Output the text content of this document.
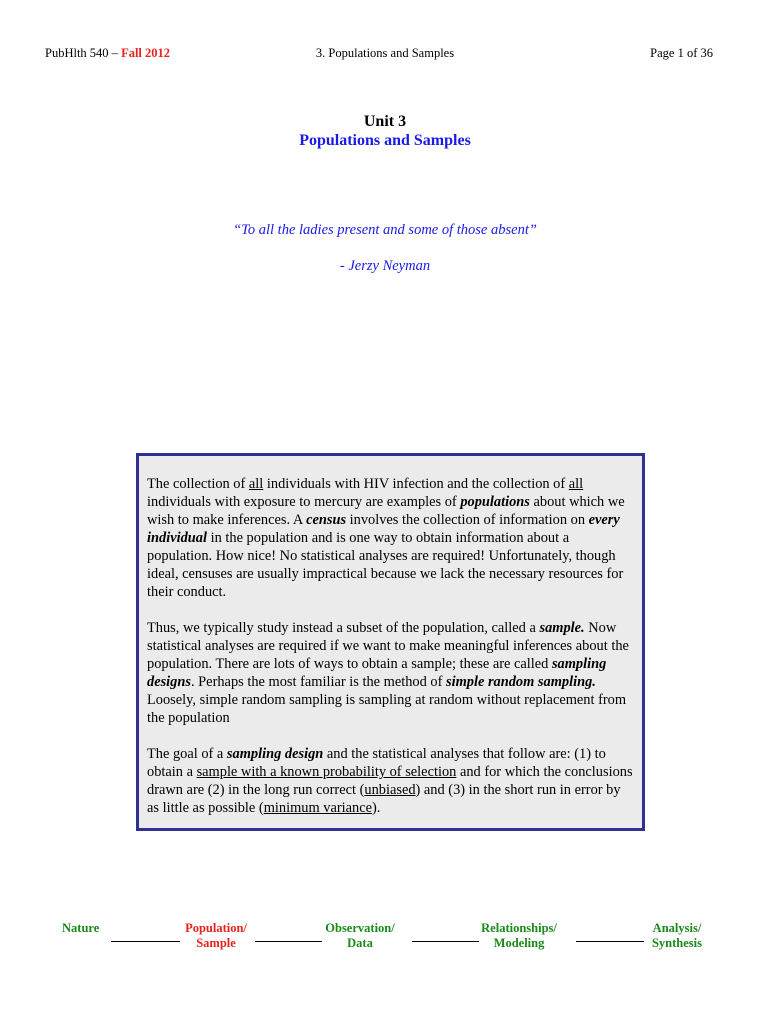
PubHlth 540 – Fall 2012	3. Populations and Samples	Page 1 of 36
Unit 3
Populations and Samples
“To all the ladies present and some of those absent”
- Jerzy Neyman

The collection of all individuals with HIV infection and the collection of all individuals with exposure to mercury are examples of populations about which we wish to make inferences. A census involves the collection of information on every individual in the population and is one way to obtain information about a population. How nice! No statistical analyses are required! Unfortunately, though ideal, censuses are usually impractical because we lack the necessary resources for their conduct.

Thus, we typically study instead a subset of the population, called a sample. Now statistical analyses are required if we want to make meaningful inferences about the population. There are lots of ways to obtain a sample; these are called sampling designs. Perhaps the most familiar is the method of simple random sampling. Loosely, simple random sampling is sampling at random without replacement from the population

The goal of a sampling design and the statistical analyses that follow are: (1) to obtain a sample with a known probability of selection and for which the conclusions drawn are (2) in the long run correct (unbiased) and (3) in the short run in error by as little as possible (minimum variance).

Nature	Population/
Sample
Observation/
Data
Relationships/
Modeling
Analysis/
Synthesis
